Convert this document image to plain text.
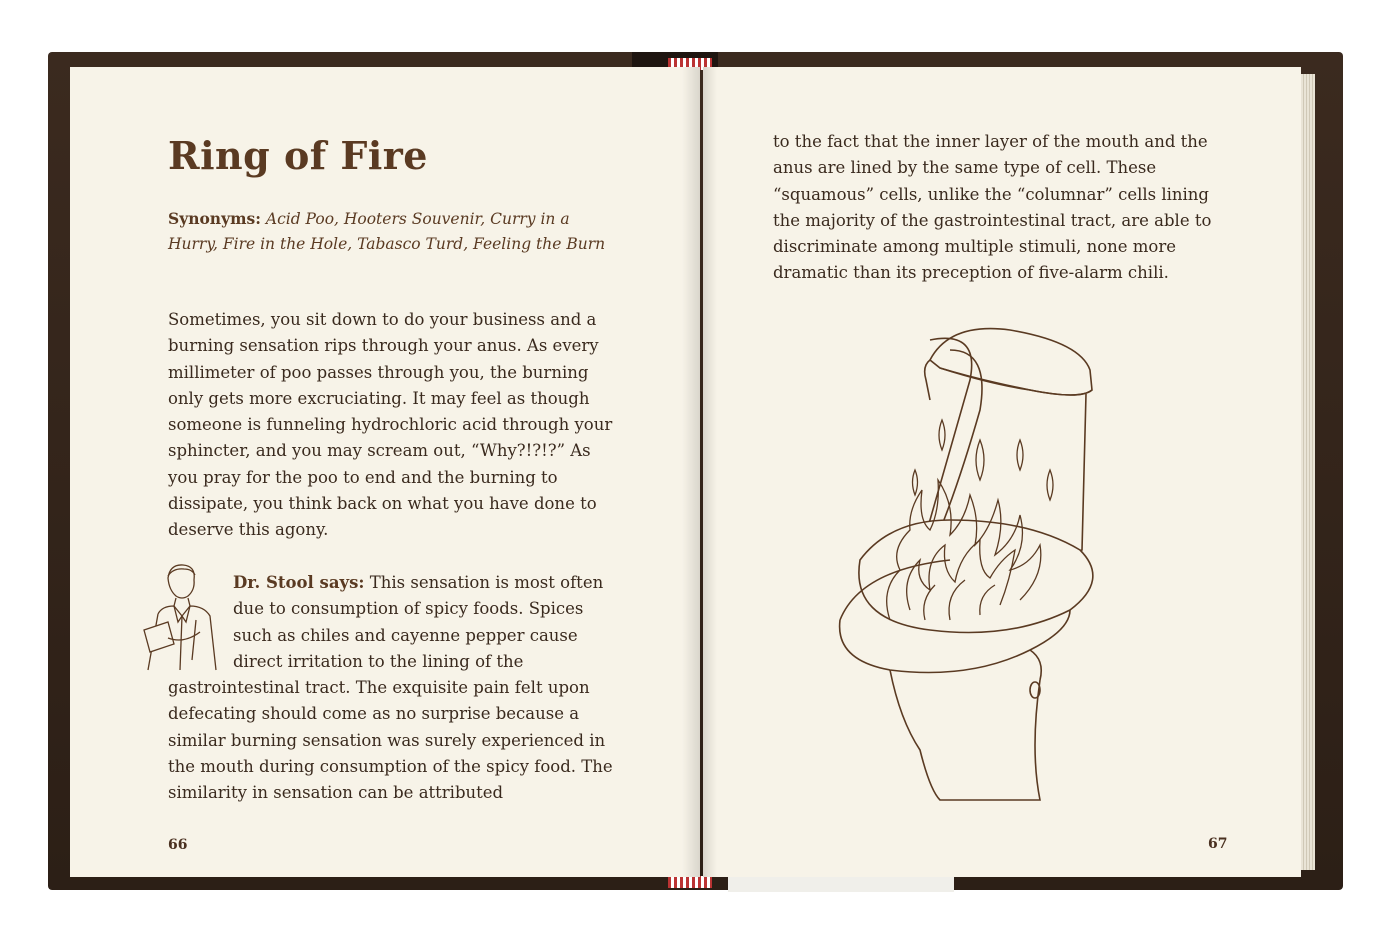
Ring of Fire
Synonyms: Acid Poo, Hooters Souvenir, Curry in a Hurry, Fire in the Hole, Tabasco Turd, Feeling the Burn

Sometimes, you sit down to do your business and a burning sensation rips through your anus. As every millimeter of poo passes through you, the burning only gets more excruciating. It may feel as though someone is funneling hydrochloric acid through your sphincter, and you may scream out, “Why?!?!?” As you pray for the poo to end and the burning to dissipate, you think back on what you have done to deserve this agony.

Dr. Stool says: This sensation is most often due to consumption of spicy foods. Spices such as chiles and cayenne pepper cause direct irritation to the lining of the
gastrointestinal tract. The exquisite pain felt upon defecating should come as no surprise because a similar burning sensation was surely experienced in the mouth during consumption of the spicy food. The similarity in sensation can be attributed
66
to the fact that the inner layer of the mouth and the anus are lined by the same type of cell. These “squamous” cells, unlike the “columnar” cells lining the majority of the gastrointestinal tract, are able to discriminate among multiple stimuli, none more dramatic than its preception of five-alarm chili.
67
